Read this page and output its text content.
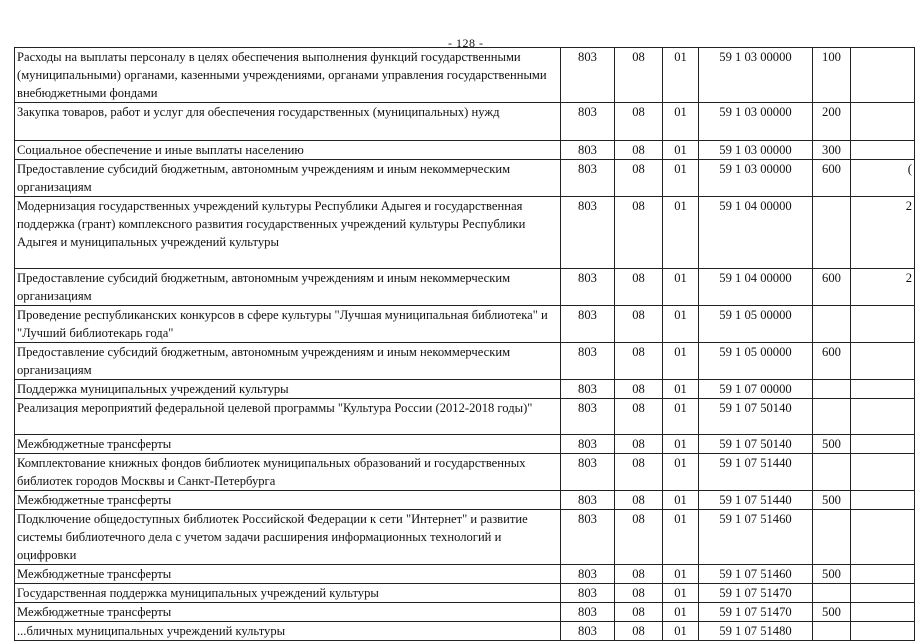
- 128 -
Расходы на выплаты персоналу в целях обеспечения выполнения функций государственными (муниципальными) органами, казенными учреждениями, органами управления государственными внебюджетными фондами	803	08	01	59 1 03 00000	100	
Закупка товаров, работ и услуг для обеспечения государственных (муниципальных) нужд	803	08	01	59 1 03 00000	200	
Социальное обеспечение и иные выплаты населению	803	08	01	59 1 03 00000	300	
Предоставление субсидий бюджетным, автономным учреждениям и иным некоммерческим организациям	803	08	01	59 1 03 00000	600	(
Модернизация государственных учреждений культуры Республики Адыгея и государственная поддержка (грант) комплексного развития государственных учреждений культуры Республики Адыгея и муниципальных учреждений культуры	803	08	01	59 1 04 00000		2
Предоставление субсидий бюджетным, автономным учреждениям и иным некоммерческим организациям	803	08	01	59 1 04 00000	600	2
Проведение республиканских конкурсов в сфере культуры "Лучшая муниципальная библиотека" и "Лучший библиотекарь года"	803	08	01	59 1 05 00000		
Предоставление субсидий бюджетным, автономным учреждениям и иным некоммерческим организациям	803	08	01	59 1 05 00000	600	
Поддержка муниципальных учреждений культуры	803	08	01	59 1 07 00000		
Реализация мероприятий федеральной целевой программы "Культура России (2012-2018 годы)"	803	08	01	59 1 07 50140		
Межбюджетные трансферты	803	08	01	59 1 07 50140	500	
Комплектование книжных фондов библиотек муниципальных образований и государственных библиотек городов Москвы и Санкт-Петербурга	803	08	01	59 1 07 51440		
Межбюджетные трансферты	803	08	01	59 1 07 51440	500	
Подключение общедоступных библиотек Российской Федерации к сети "Интернет" и развитие системы библиотечного дела с учетом задачи расширения информационных технологий и оцифровки	803	08	01	59 1 07 51460		
Межбюджетные трансферты	803	08	01	59 1 07 51460	500	
Государственная поддержка муниципальных учреждений культуры	803	08	01	59 1 07 51470		
Межбюджетные трансферты	803	08	01	59 1 07 51470	500	
...бличных муниципальных учреждений культуры	803	08	01	59 1 07 51480		
